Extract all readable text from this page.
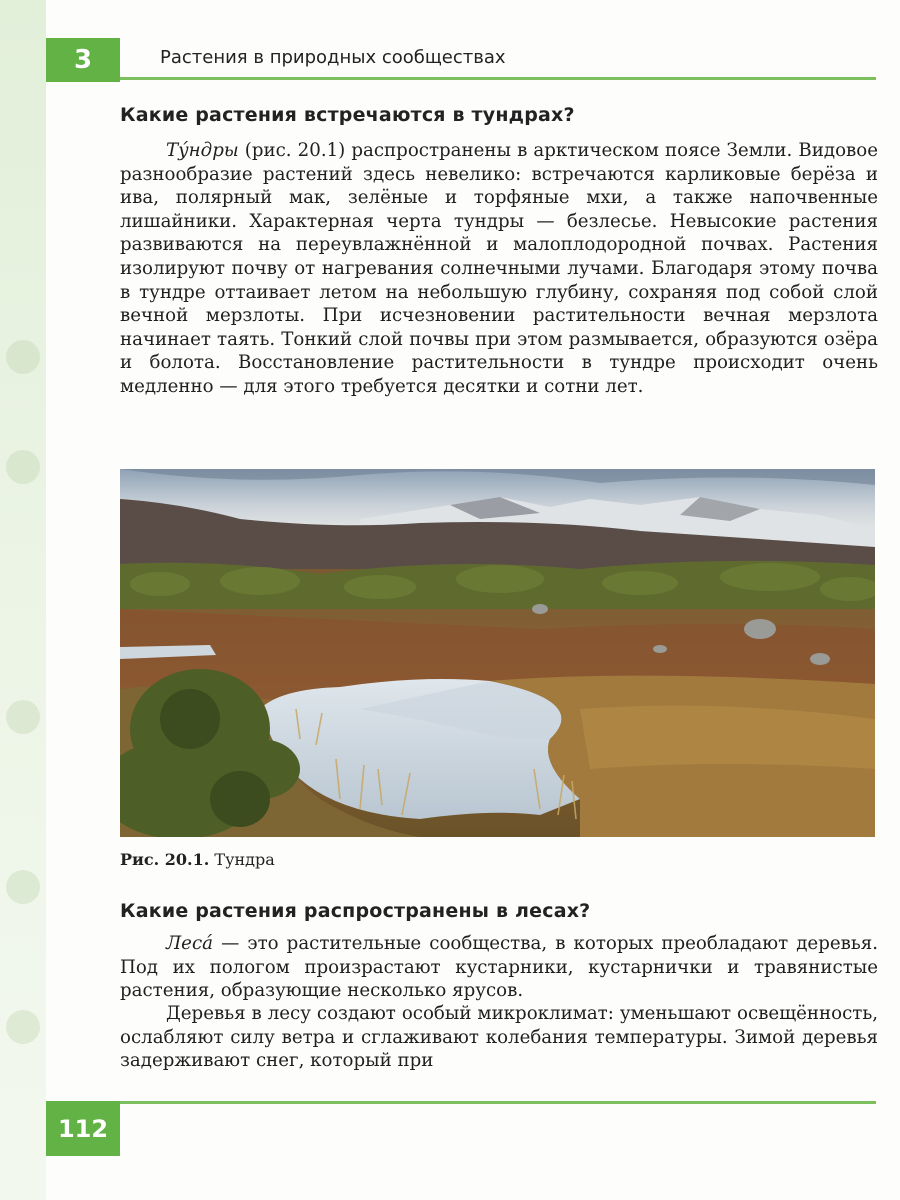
3	Растения в природных сообществах
Какие растения встречаются в тундрах?

Ту́ндры (рис. 20.1) распространены в арктическом поясе Земли. Видовое разнообразие растений здесь невелико: встречаются карликовые берёза и ива, полярный мак, зелёные и торфяные мхи, а также напочвенные лишайники. Характерная черта тундры — безлесье. Невысокие растения развиваются на переувлажнённой и малоплодородной почвах. Растения изолируют почву от нагревания солнечными лучами. Благодаря этому почва в тундре оттаивает летом на небольшую глубину, сохраняя под собой слой вечной мерзлоты. При исчезновении растительности вечная мерзлота начинает таять. Тонкий слой почвы при этом размывается, образуются озёра и болота. Восстановление растительности в тундре происходит очень медленно — для этого требуется десятки и сотни лет.

Рис. 20.1. Тундра
Какие растения распространены в лесах?

Леса́ — это растительные сообщества, в которых преобладают деревья. Под их пологом произрастают кустарники, кустарнички и травянистые растения, образующие несколько ярусов.

Деревья в лесу создают особый микроклимат: уменьшают освещённость, ослабляют силу ветра и сглаживают колебания температуры. Зимой деревья задерживают снег, который при

112
